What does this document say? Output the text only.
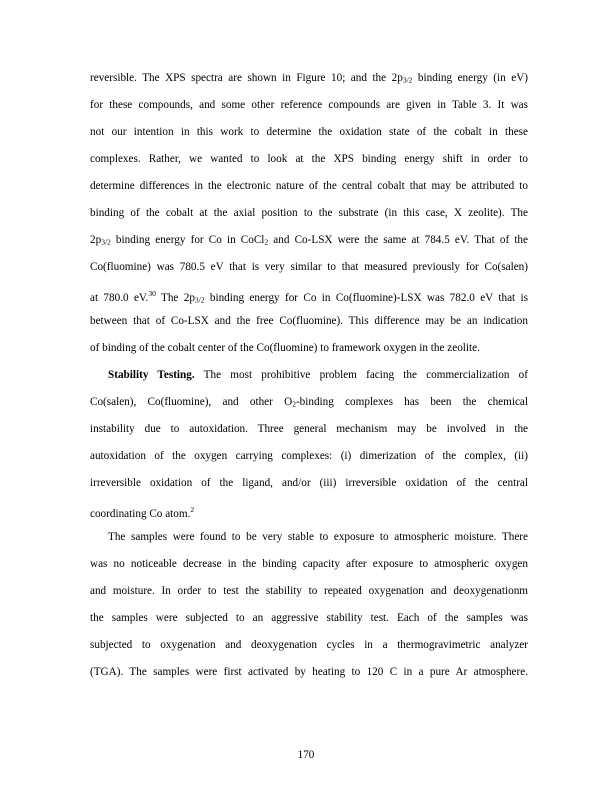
reversible. The XPS spectra are shown in Figure 10; and the $2p_{3/2}$ binding energy (in eV)
for these compounds, and some other reference compounds are given in Table 3. It was
not our intention in this work to determine the oxidation state of the cobalt in these
complexes. Rather, we wanted to look at the XPS binding energy shift in order to
determine differences in the electronic nature of the central cobalt that may be attributed to
binding of the cobalt at the axial position to the substrate (in this case, X zeolite). The
$2p_{3/2}$ binding energy for Co in CoCl$_2$ and Co-LSX were the same at 784.5 eV. That of the
Co(fluomine) was 780.5 eV that is very similar to that measured previously for Co(salen)
at 780.0 eV.$^{30}$ The $2p_{3/2}$ binding energy for Co in Co(fluomine)-LSX was 782.0 eV that is
between that of Co-LSX and the free Co(fluomine). This difference may be an indication
of binding of the cobalt center of the Co(fluomine) to framework oxygen in the zeolite.
Stability Testing. The most prohibitive problem facing the commercialization of
Co(salen), Co(fluomine), and other $O_2$-binding complexes has been the chemical
instability due to autoxidation. Three general mechanism may be involved in the
autoxidation of the oxygen carrying complexes: (i) dimerization of the complex, (ii)
irreversible oxidation of the ligand, and/or (iii) irreversible oxidation of the central
coordinating Co atom.$^2$
The samples were found to be very stable to exposure to atmospheric moisture. There
was no noticeable decrease in the binding capacity after exposure to atmospheric oxygen
and moisture. In order to test the stability to repeated oxygenation and deoxygenationm
the samples were subjected to an aggressive stability test. Each of the samples was
subjected to oxygenation and deoxygenation cycles in a thermogravimetric analyzer
(TGA). The samples were first activated by heating to 120 C in a pure Ar atmosphere.
170
